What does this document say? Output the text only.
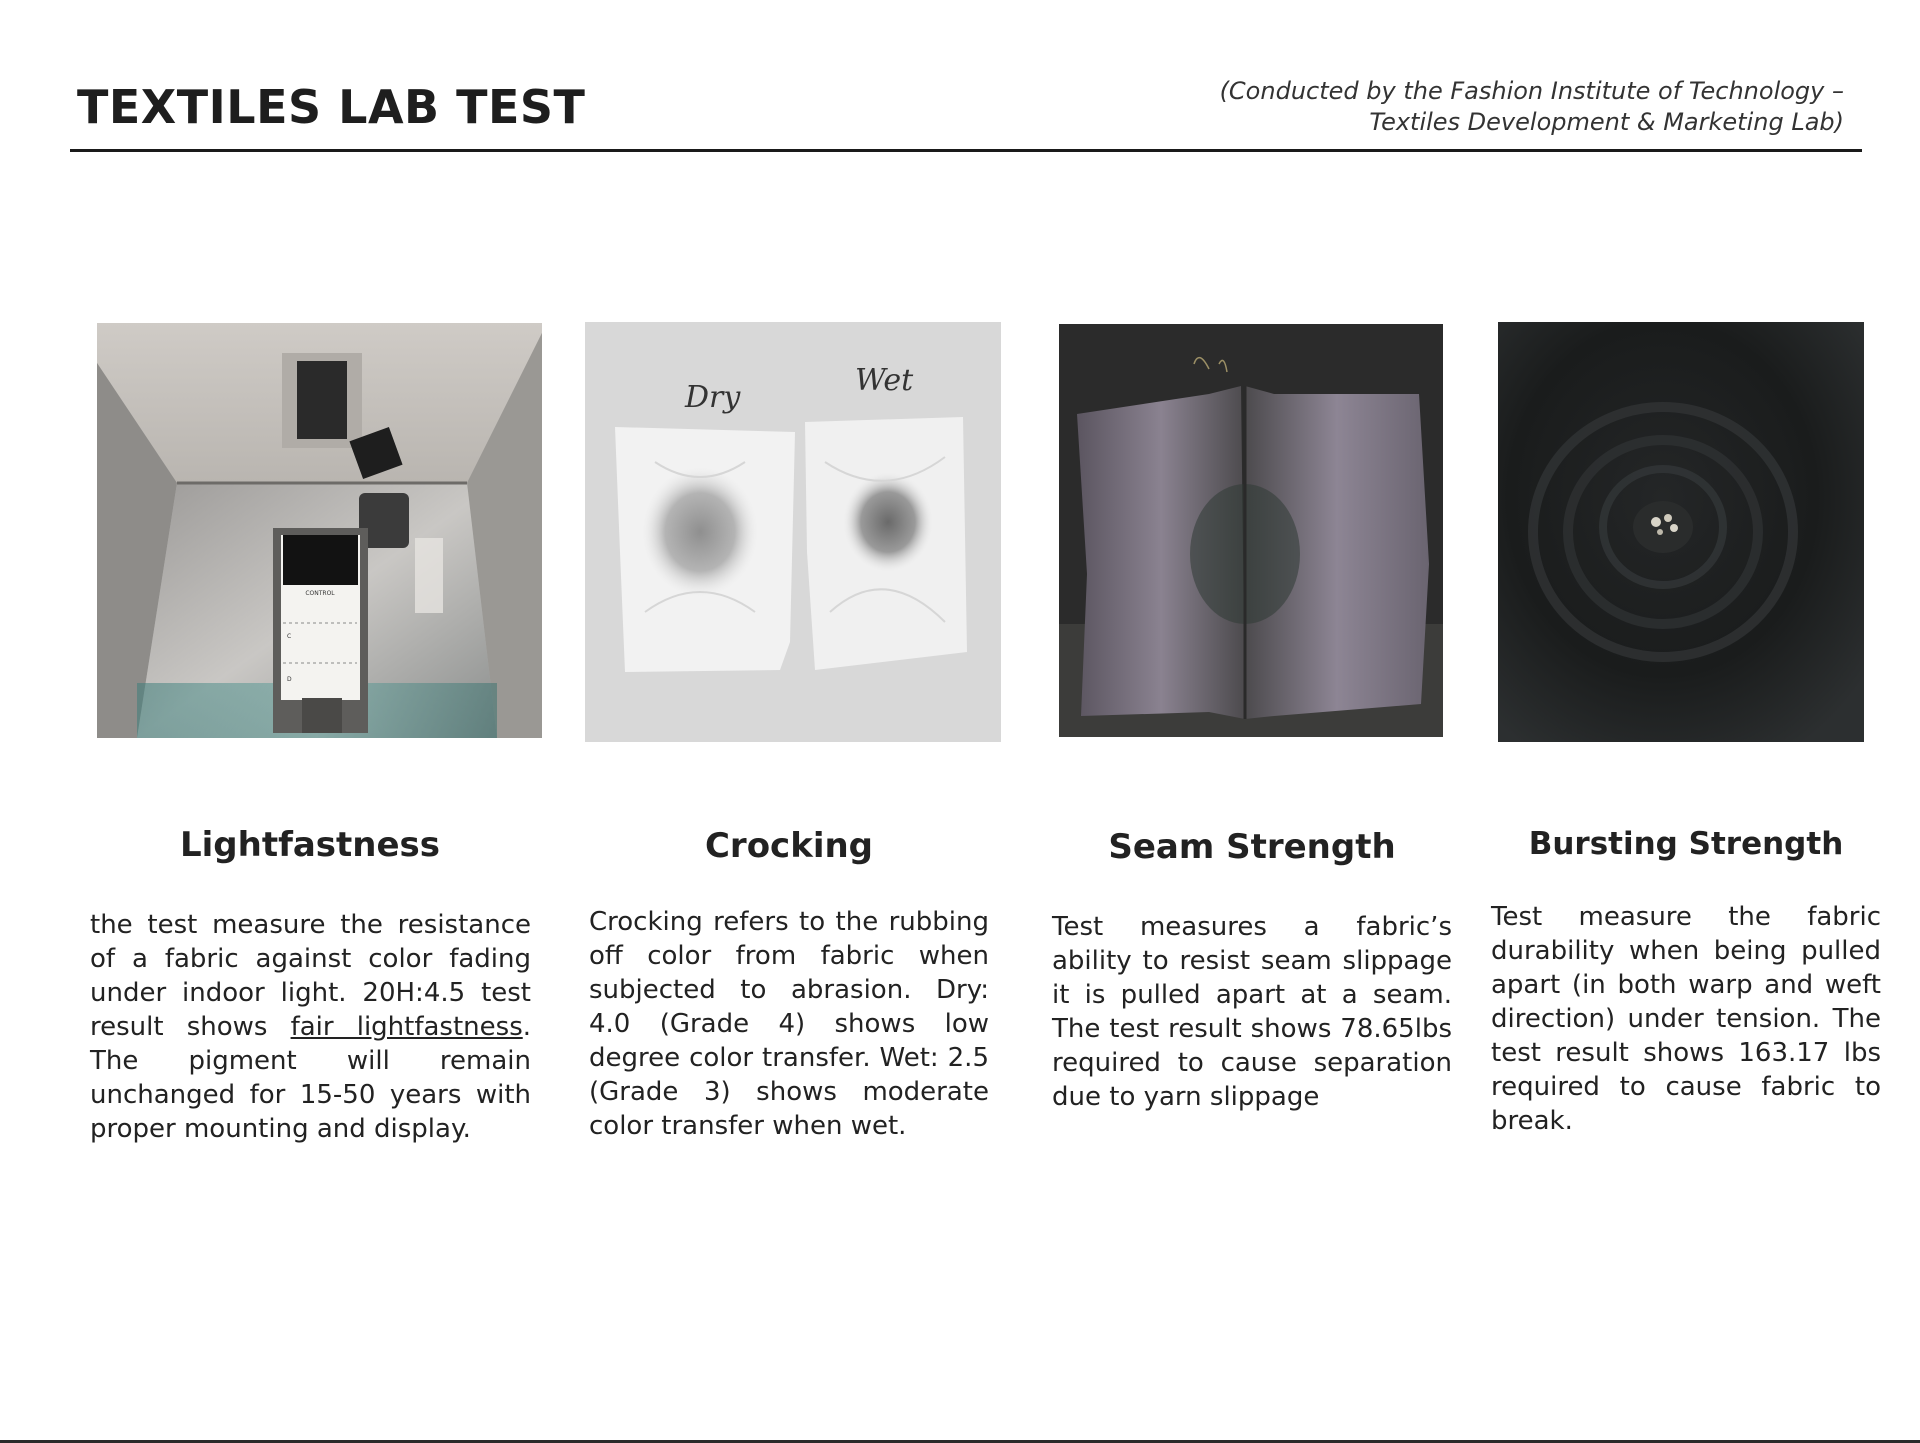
TEXTILES LAB TEST	(Conducted by the Fashion Institute of Technology –
Textiles Development & Marketing Lab)
CONTROL
C
D
Dry	Wet
Lightfastness

the test measure the resistance of a fabric against color fading under indoor light. 20H:4.5 test result shows fair lightfastness. The pigment will remain unchanged for 15-50 years with proper mounting and display.

Crocking

Crocking refers to the rubbing off color from fabric when subjected to abrasion. Dry: 4.0 (Grade 4) shows low degree color transfer. Wet: 2.5 (Grade 3) shows moderate color transfer when wet.

Seam Strength

Test measures a fabric’s ability to resist seam slippage it is pulled apart at a seam. The test result shows 78.65lbs required to cause separation due to yarn slippage

Bursting Strength

Test measure the fabric durability when being pulled apart (in both warp and weft direction) under tension. The test result shows 163.17 lbs required to cause fabric to break.
